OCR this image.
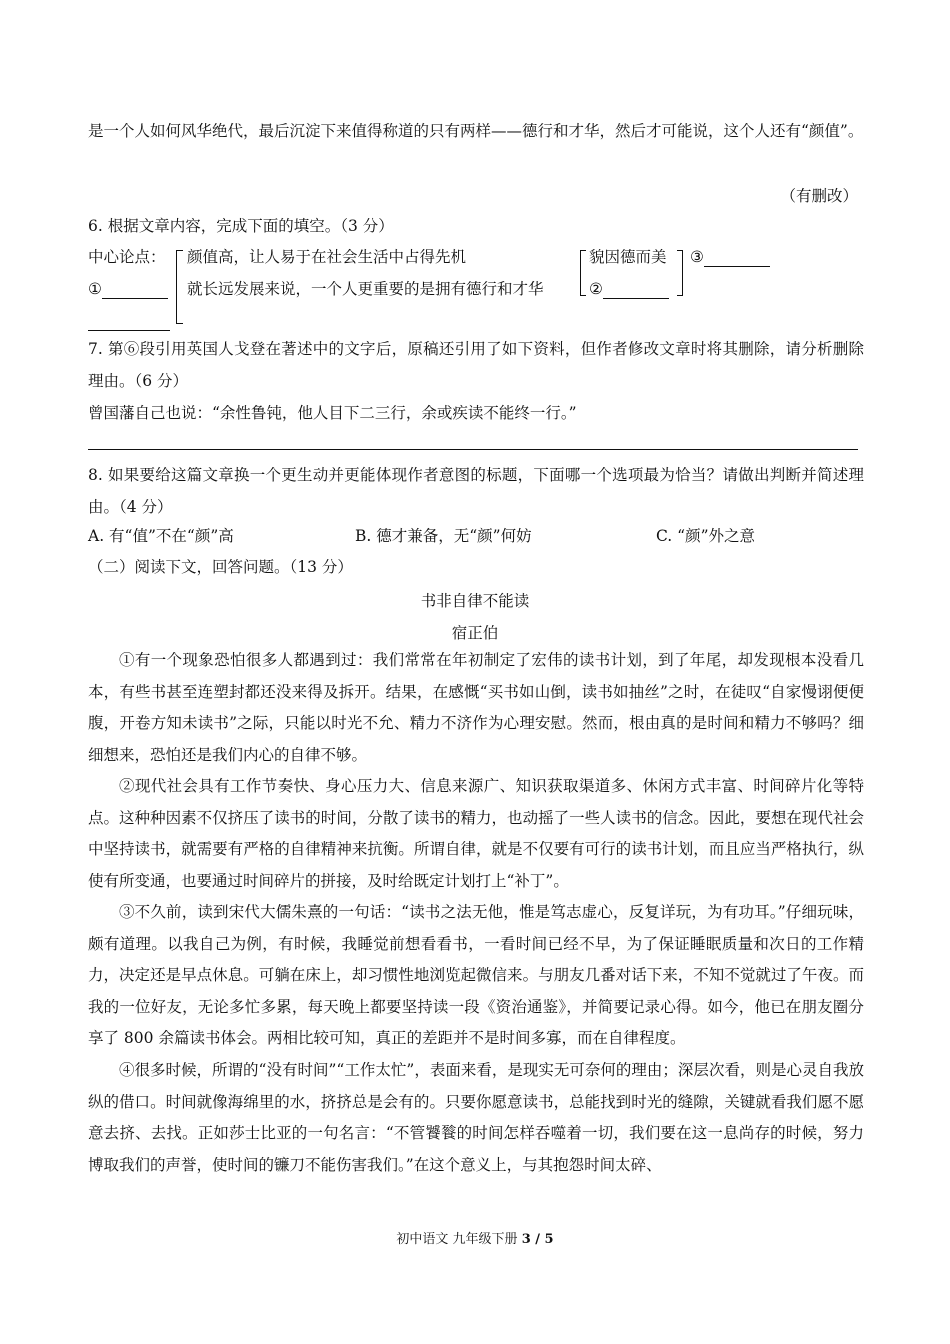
是一个人如何风华绝代，最后沉淀下来值得称道的只有两样——德行和才华，然后才可能说，这个人还有“颜值”。
（有删改）
6. 根据文章内容，完成下面的填空。（3 分）
中心论点：
①
颜值高，让人易于在社会生活中占得先机
就长远发展来说，一个人更重要的是拥有德行和才华
貌因德而美
②
③
7. 第⑥段引用英国人戈登在著述中的文字后，原稿还引用了如下资料，但作者修改文章时将其删除，请分析删除理由。（6 分）
曾国藩自己也说：“余性鲁钝，他人目下二三行，余或疾读不能终一行。”
8. 如果要给这篇文章换一个更生动并更能体现作者意图的标题，下面哪一个选项最为恰当？请做出判断并简述理由。（4 分）
A. 有“值”不在“颜”高	B. 德才兼备，无“颜”何妨	C. “颜”外之意
（二）阅读下文，回答问题。（13 分）
书非自律不能读
宿正伯
①有一个现象恐怕很多人都遇到过：我们常常在年初制定了宏伟的读书计划，到了年尾，却发现根本没看几本，有些书甚至连塑封都还没来得及拆开。结果，在感慨“买书如山倒，读书如抽丝”之时，在徒叹“自家慢诩便便腹，开卷方知未读书”之际，只能以时光不允、精力不济作为心理安慰。然而，根由真的是时间和精力不够吗？细细想来，恐怕还是我们内心的自律不够。
②现代社会具有工作节奏快、身心压力大、信息来源广、知识获取渠道多、休闲方式丰富、时间碎片化等特点。这种种因素不仅挤压了读书的时间，分散了读书的精力，也动摇了一些人读书的信念。因此，要想在现代社会中坚持读书，就需要有严格的自律精神来抗衡。所谓自律，就是不仅要有可行的读书计划，而且应当严格执行，纵使有所变通，也要通过时间碎片的拼接，及时给既定计划打上“补丁”。
③不久前，读到宋代大儒朱熹的一句话：“读书之法无他，惟是笃志虚心，反复详玩，为有功耳。”仔细玩味，颇有道理。以我自己为例，有时候，我睡觉前想看看书，一看时间已经不早，为了保证睡眠质量和次日的工作精力，决定还是早点休息。可躺在床上，却习惯性地浏览起微信来。与朋友几番对话下来，不知不觉就过了午夜。而我的一位好友，无论多忙多累，每天晚上都要坚持读一段《资治通鉴》，并简要记录心得。如今，他已在朋友圈分享了 800 余篇读书体会。两相比较可知，真正的差距并不是时间多寡，而在自律程度。
④很多时候，所谓的“没有时间”“工作太忙”，表面来看，是现实无可奈何的理由；深层次看，则是心灵自我放纵的借口。时间就像海绵里的水，挤挤总是会有的。只要你愿意读书，总能找到时光的缝隙，关键就看我们愿不愿意去挤、去找。正如莎士比亚的一句名言：“不管饕餮的时间怎样吞噬着一切，我们要在这一息尚存的时候，努力博取我们的声誉，使时间的镰刀不能伤害我们。”在这个意义上，与其抱怨时间太碎、
初中语文 九年级下册 3 / 5
